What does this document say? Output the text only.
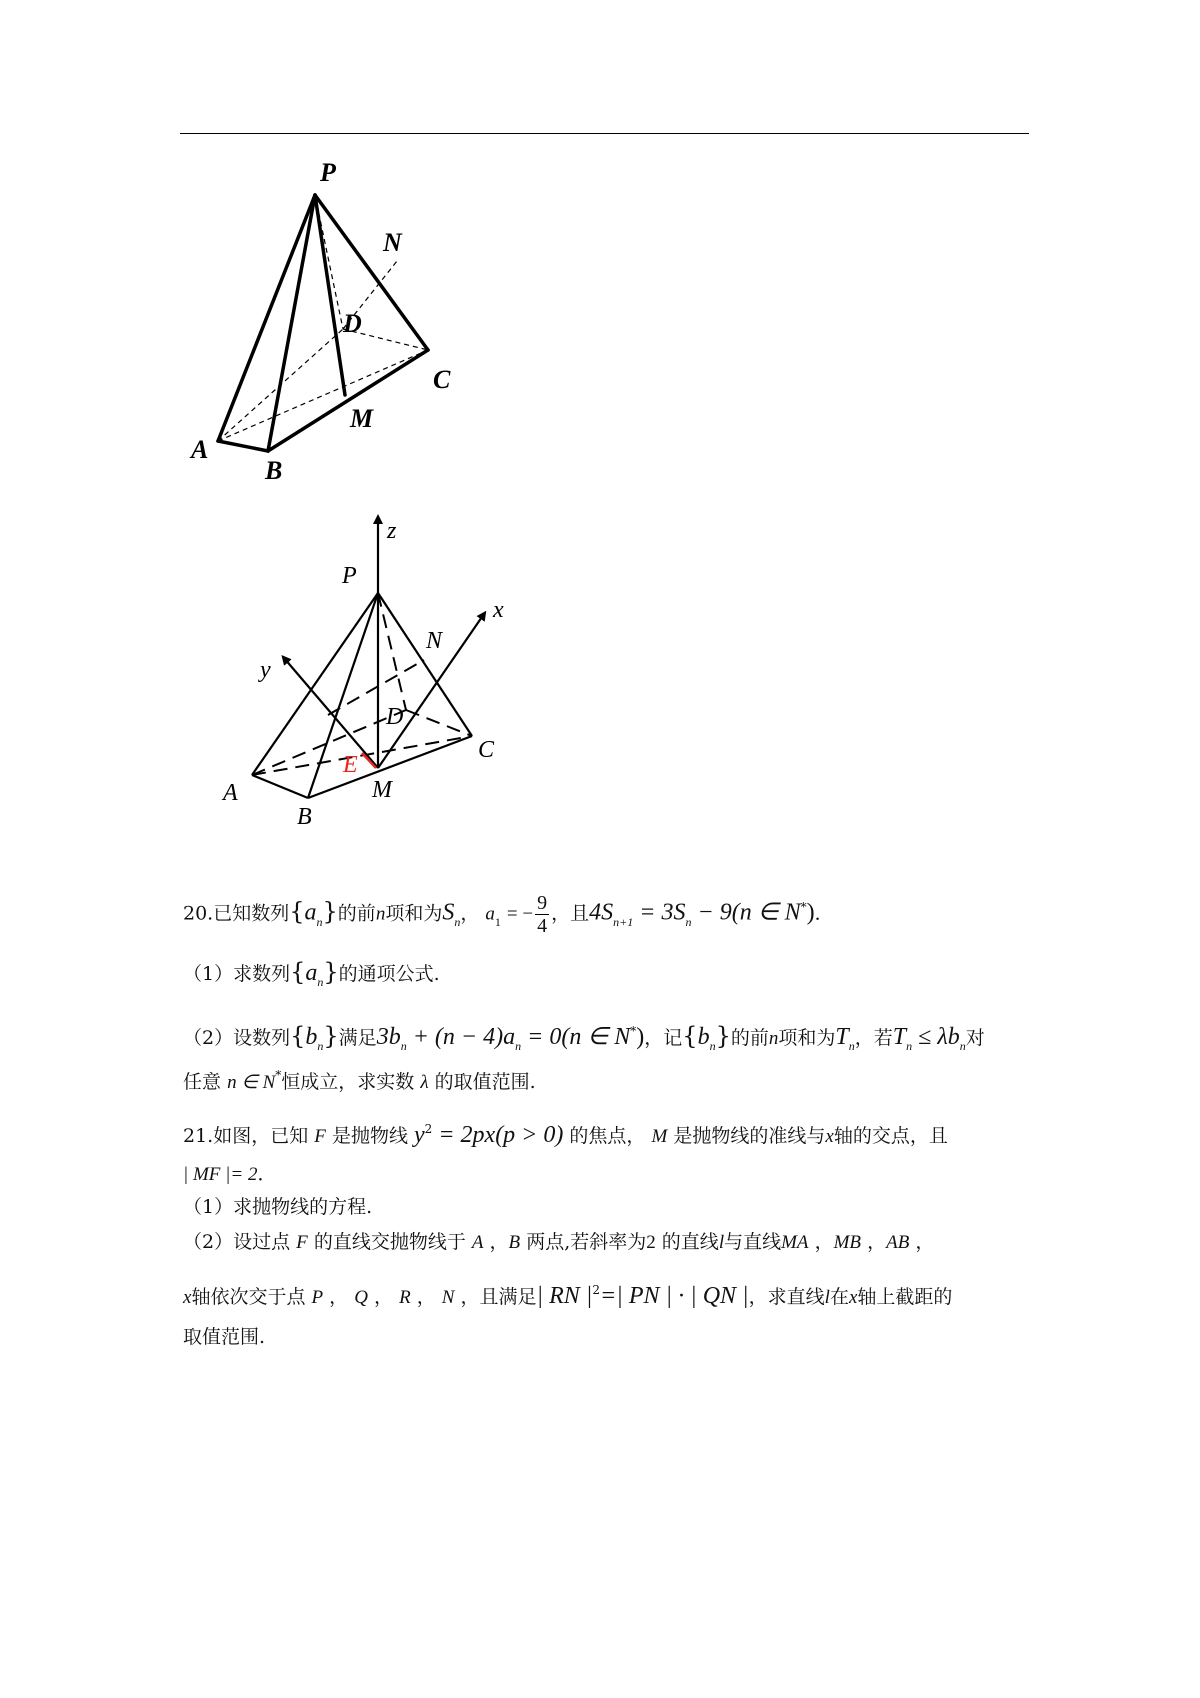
P
N
D
C
M
A
B
z
x
y
P
N
D
C
E
M
A
B
20.已知数列$\{a_n\}$的前n项和为$S_n$， $a_1$ = − $\frac{9}{4}$ ，且$4S_{n+1} = 3S_n - 9(n$ ∈ N*)．
（1）求数列$\{a_n\}$的通项公式.
（2）设数列$\{b_n\}$满足$3b_n + (n - 4)a_n = 0(n$ ∈ N*)，记$\{b_n\}$的前n项和为$T_n$，若$T_n \le \lambda b_n$对
任意 n ∈ N*恒成立，求实数 λ 的取值范围.
21.如图，已知 F 是抛物线 $y^2 = 2px(p > 0)$ 的焦点， M 是抛物线的准线与x轴的交点，且
| MF |= 2．
（1）求抛物线的方程.
（2）设过点 F 的直线交抛物线于 A ，B 两点,若斜率为2 的直线l与直线MA ，MB ，AB ，
x轴依次交于点 P ， Q ， R ， N ，且满足| RN $|^2=|$ PN | · | QN |，求直线l在x轴上截距的
取值范围.
